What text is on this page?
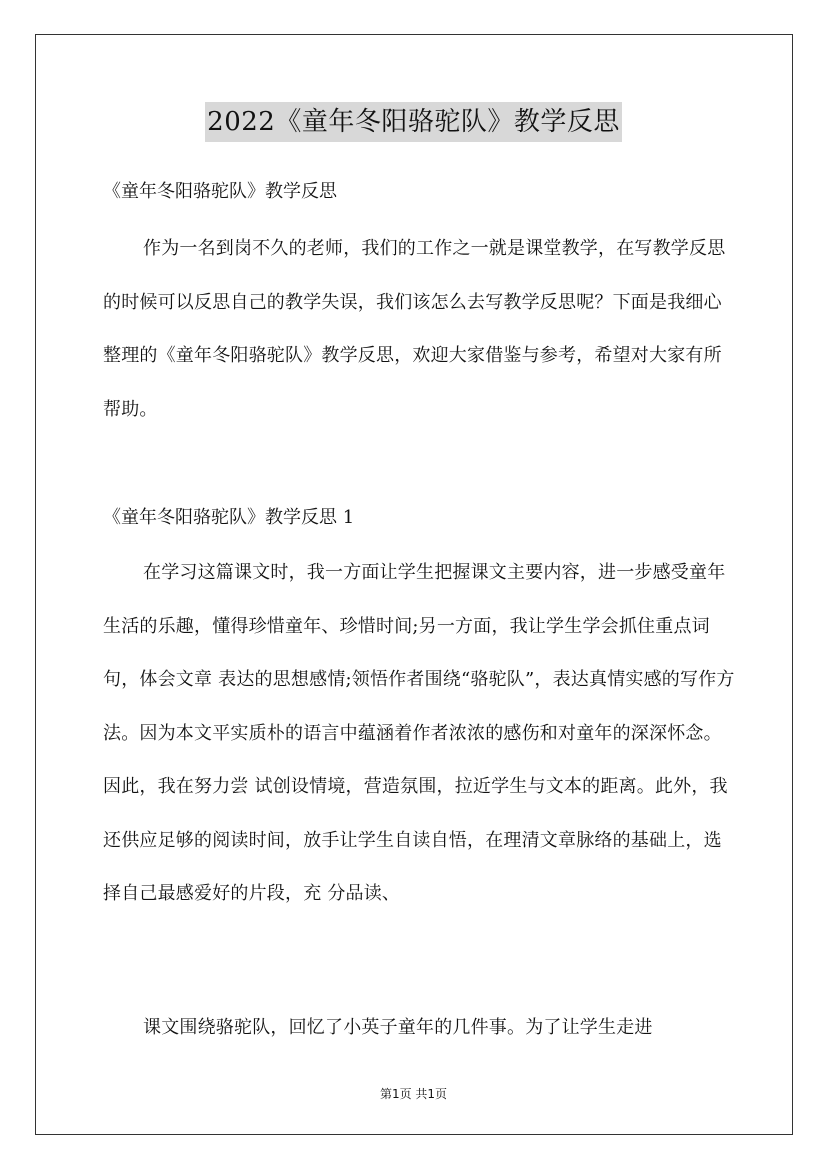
2022《童年冬阳骆驼队》教学反思
《童年冬阳骆驼队》教学反思
作为一名到岗不久的老师，我们的工作之一就是课堂教学，在写教学反思的时候可以反思自己的教学失误，我们该怎么去写教学反思呢？下面是我细心整理的《童年冬阳骆驼队》教学反思，欢迎大家借鉴与参考，希望对大家有所帮助。
《童年冬阳骆驼队》教学反思 1
在学习这篇课文时，我一方面让学生把握课文主要内容，进一步感受童年生活的乐趣，懂得珍惜童年、珍惜时间;另一方面，我让学生学会抓住重点词句，体会文章 表达的思想感情;领悟作者围绕“骆驼队”，表达真情实感的写作方法。因为本文平实质朴的语言中蕴涵着作者浓浓的感伤和对童年的深深怀念。因此，我在努力尝 试创设情境，营造氛围，拉近学生与文本的距离。此外，我还供应足够的阅读时间，放手让学生自读自悟，在理清文章脉络的基础上，选择自己最感爱好的片段，充 分品读、
课文围绕骆驼队，回忆了小英子童年的几件事。为了让学生走进
第1页 共1页
